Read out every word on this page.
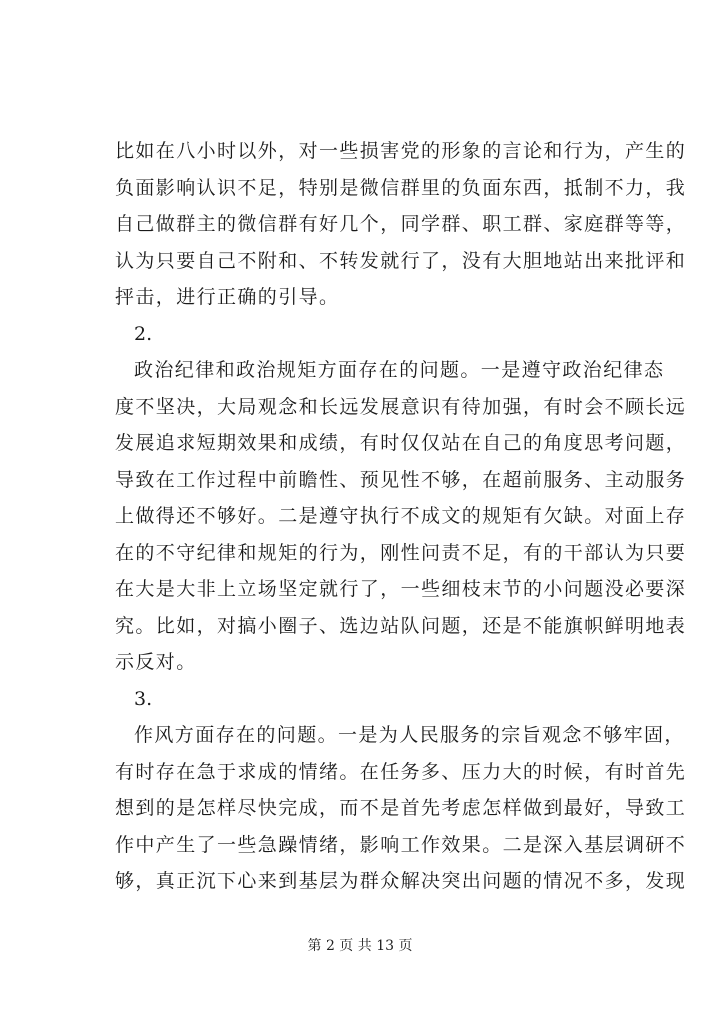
比如在八小时以外，对一些损害党的形象的言论和行为，产生的
负面影响认识不足，特别是微信群里的负面东西，抵制不力，我
自己做群主的微信群有好几个，同学群、职工群、家庭群等等，
认为只要自己不附和、不转发就行了，没有大胆地站出来批评和
抨击，进行正确的引导。
2.
政治纪律和政治规矩方面存在的问题。一是遵守政治纪律态
度不坚决，大局观念和长远发展意识有待加强，有时会不顾长远
发展追求短期效果和成绩，有时仅仅站在自己的角度思考问题，
导致在工作过程中前瞻性、预见性不够，在超前服务、主动服务
上做得还不够好。二是遵守执行不成文的规矩有欠缺。对面上存
在的不守纪律和规矩的行为，刚性问责不足，有的干部认为只要
在大是大非上立场坚定就行了，一些细枝末节的小问题没必要深
究。比如，对搞小圈子、选边站队问题，还是不能旗帜鲜明地表
示反对。
3.
作风方面存在的问题。一是为人民服务的宗旨观念不够牢固，
有时存在急于求成的情绪。在任务多、压力大的时候，有时首先
想到的是怎样尽快完成，而不是首先考虑怎样做到最好，导致工
作中产生了一些急躁情绪，影响工作效果。二是深入基层调研不
够，真正沉下心来到基层为群众解决突出问题的情况不多，发现
第 2 页 共 13 页
